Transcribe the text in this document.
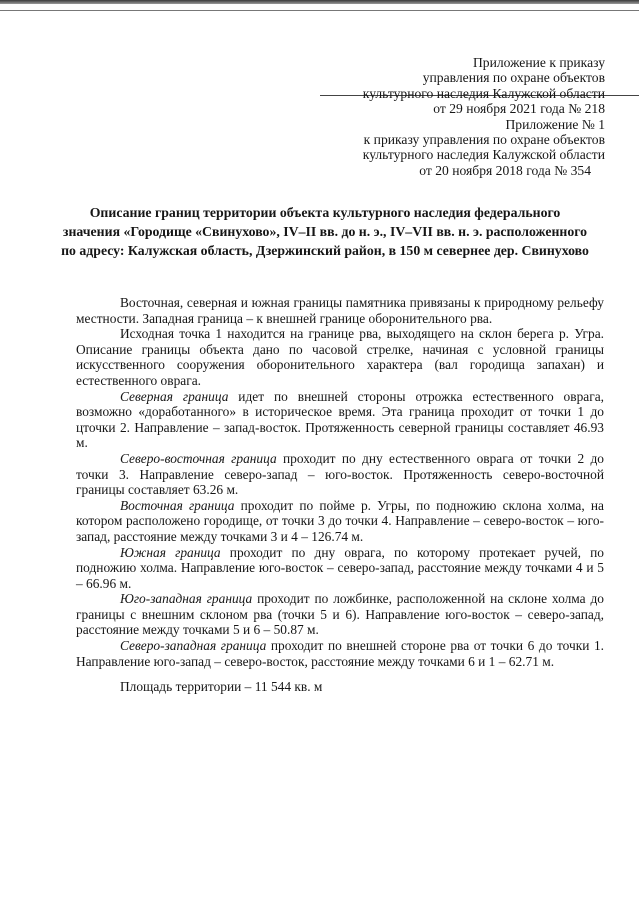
Приложение к приказу
управления по охране объектов
культурного наследия Калужской области
от 29 ноября 2021 года № 218
Приложение № 1
к приказу управления по охране объектов
культурного наследия Калужской области
от 20 ноября 2018 года № 354
Описание границ территории объекта культурного наследия федерального значения «Городище «Свинухово», IV–II вв. до н. э., IV–VII вв. н. э. расположенного по адресу: Калужская область, Дзержинский район, в 150 м севернее дер. Свинухово

Восточная, северная и южная границы памятника привязаны к природному рельефу местности. Западная граница – к внешней границе оборонительного рва.

Исходная точка 1 находится на границе рва, выходящего на склон берега р. Угра. Описание границы объекта дано по часовой стрелке, начиная с условной границы искусственного сооружения оборонительного характера (вал городища запахан) и естественного оврага.

Северная граница идет по внешней стороны отрожка естественного оврага, возможно «доработанного» в историческое время. Эта граница проходит от точки 1 до цточки 2. Направление – запад-восток. Протяженность северной границы составляет 46.93 м.

Северо-восточная граница проходит по дну естественного оврага от точки 2 до точки 3. Направление северо-запад – юго-восток. Протяженность северо-восточной границы составляет 63.26 м.

Восточная граница проходит по пойме р. Угры, по подножию склона холма, на котором расположено городище, от точки 3 до точки 4. Направление – северо-восток – юго-запад, расстояние между точками 3 и 4 – 126.74 м.

Южная граница проходит по дну оврага, по которому протекает ручей, по подножию холма. Направление юго-восток – северо-запад, расстояние между точками 4 и 5 – 66.96 м.

Юго-западная граница проходит по ложбинке, расположенной на склоне холма до границы с внешним склоном рва (точки 5 и 6). Направление юго-восток – северо-запад, расстояние между точками 5 и 6 – 50.87 м.

Северо-западная граница проходит по внешней стороне рва от точки 6 до точки 1. Направление юго-запад – северо-восток, расстояние между точками 6 и 1 – 62.71 м.

Площадь территории – 11 544 кв. м
